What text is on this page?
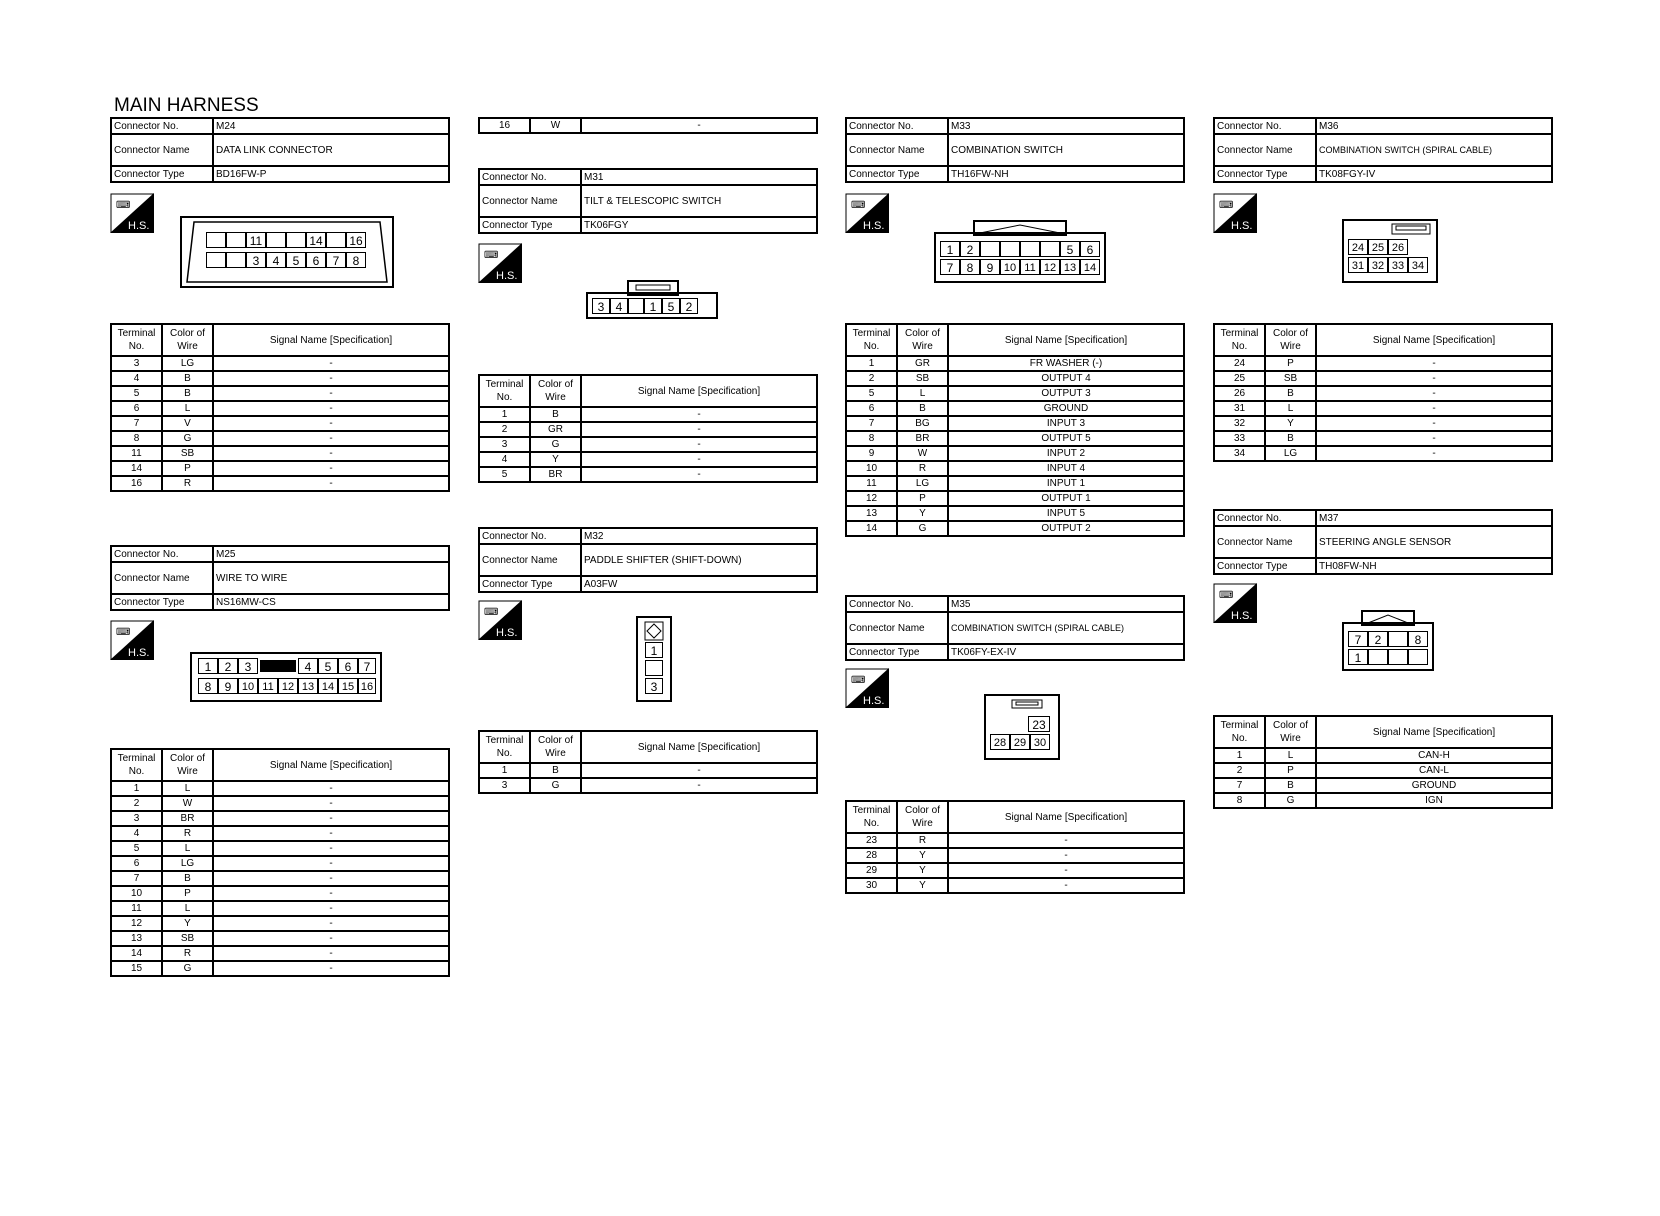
MAIN HARNESS
Connector No.	M24
Connector Name	DATA LINK CONNECTOR
Connector Type	BD16FW-P
⌨
H.S.
11	14 16
3	4	5	6	7	8
Terminal No.	Color of Wire	Signal Name [Specification]
3	LG	-
4	B	-
5	B	-
6	L	-
7	V	-
8	G	-
11	SB	-
14	P	-
16	R	-
Connector No.	M25
Connector Name	WIRE TO WIRE
Connector Type	NS16MW-CS
⌨
H.S.
1	2	3	4	5	6	7
8	9 10 11 12 13 14 15 16
Terminal No.	Color of Wire	Signal Name [Specification]
1	L	-
2	W	-
3	BR	-
4	R	-
5	L	-
6	LG	-
7	B	-
10	P	-
11	L	-
12	Y	-
13	SB	-
14	R	-
15	G	-
16	W	-
Connector No.	M31
Connector Name	TILT & TELESCOPIC SWITCH
Connector Type	TK06FGY
⌨
H.S.
3 4	1 5 2
Terminal No.	Color of Wire	Signal Name [Specification]
1	B	-
2	GR	-
3	G	-
4	Y	-
5	BR	-
Connector No.	M32
Connector Name	PADDLE SHIFTER (SHIFT-DOWN)
Connector Type	A03FW
⌨
H.S.
1
3
Terminal No.	Color of Wire	Signal Name [Specification]
1	B	-
3	G	-
Connector No.	M33
Connector Name	COMBINATION SWITCH
Connector Type	TH16FW-NH
⌨
H.S.
1	2	5	6
7	8	9 10 11 12 13 14
Terminal No.	Color of Wire	Signal Name [Specification]
1	GR	FR WASHER (-)
2	SB	OUTPUT 4
5	L	OUTPUT 3
6	B	GROUND
7	BG	INPUT 3
8	BR	OUTPUT 5
9	W	INPUT 2
10	R	INPUT 4
11	LG	INPUT 1
12	P	OUTPUT 1
13	Y	INPUT 5
14	G	OUTPUT 2
Connector No.	M35
Connector Name	COMBINATION SWITCH (SPIRAL CABLE)
Connector Type	TK06FY-EX-IV
⌨
H.S.
23
28 29 30
Terminal No.	Color of Wire	Signal Name [Specification]
23	R	-
28	Y	-
29	Y	-
30	Y	-
Connector No.	M36
Connector Name	COMBINATION SWITCH (SPIRAL CABLE)
Connector Type	TK08FGY-IV
⌨
H.S.
24 25 26
31 32 33 34
Terminal No.	Color of Wire	Signal Name [Specification]
24	P	-
25	SB	-
26	B	-
31	L	-
32	Y	-
33	B	-
34	LG	-
Connector No.	M37
Connector Name	STEERING ANGLE SENSOR
Connector Type	TH08FW-NH
⌨
H.S.
7	2	8
1
Terminal No.	Color of Wire	Signal Name [Specification]
1	L	CAN-H
2	P	CAN-L
7	B	GROUND
8	G	IGN
